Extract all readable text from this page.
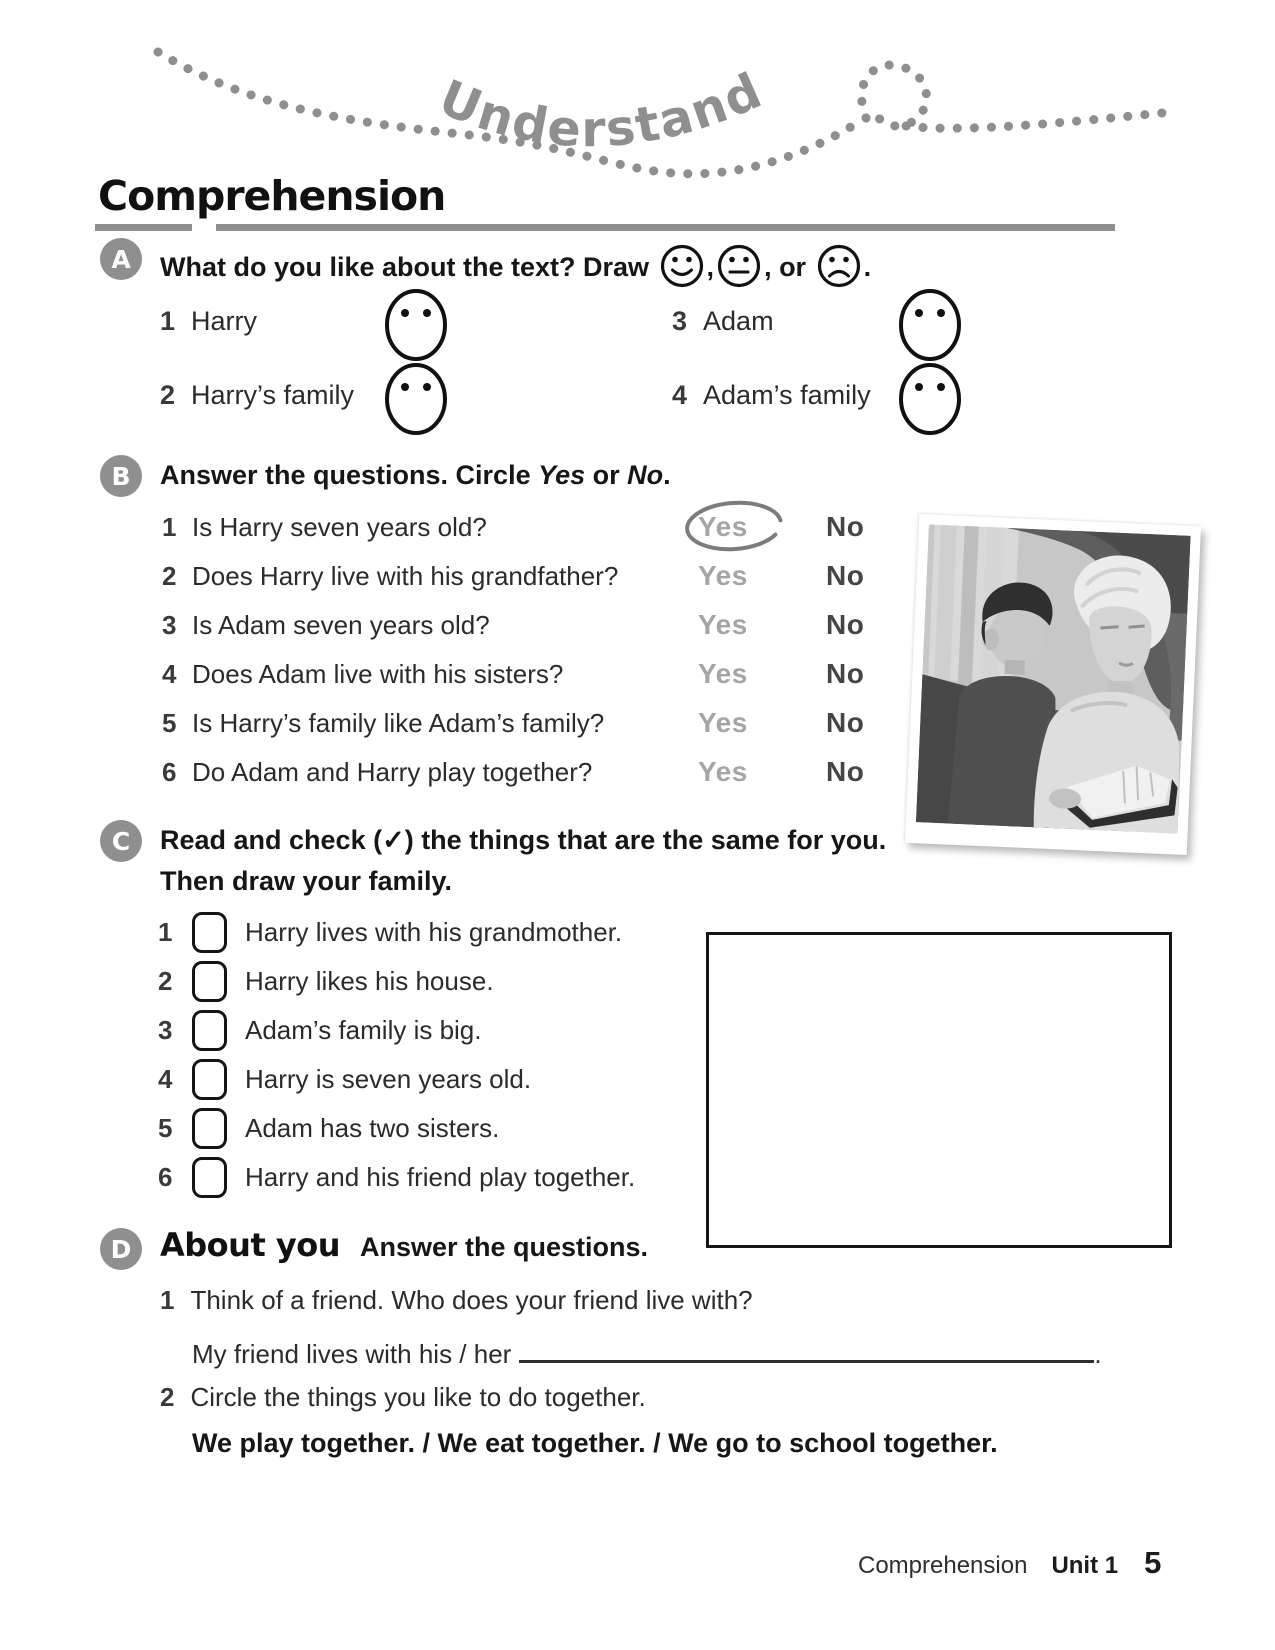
Understand
Comprehension
A	What do you like about the text? Draw , , or .
1 Harry	3 Adam
2 Harry’s family	4 Adam’s family
B	Answer the questions. Circle Yes or No.
1 Is Harry seven years old?	Yes	No
2 Does Harry live with his grandfather?	Yes	No
3 Is Adam seven years old?	Yes	No
4 Does Adam live with his sisters?	Yes	No
5 Is Harry’s family like Adam’s family?	Yes	No
6 Do Adam and Harry play together?	Yes	No
C	Read and check (✓) the things that are the same for you.
Then draw your family.
1	Harry lives with his grandmother.
2	Harry likes his house.
3	Adam’s family is big.
4	Harry is seven years old.
5	Adam has two sisters.
6	Harry and his friend play together.
D About you Answer the questions.
1 Think of a friend. Who does your friend live with?
My friend lives with his / her	.
2 Circle the things you like to do together.
We play together. / We eat together. / We go to school together.
Comprehension Unit 1 5
